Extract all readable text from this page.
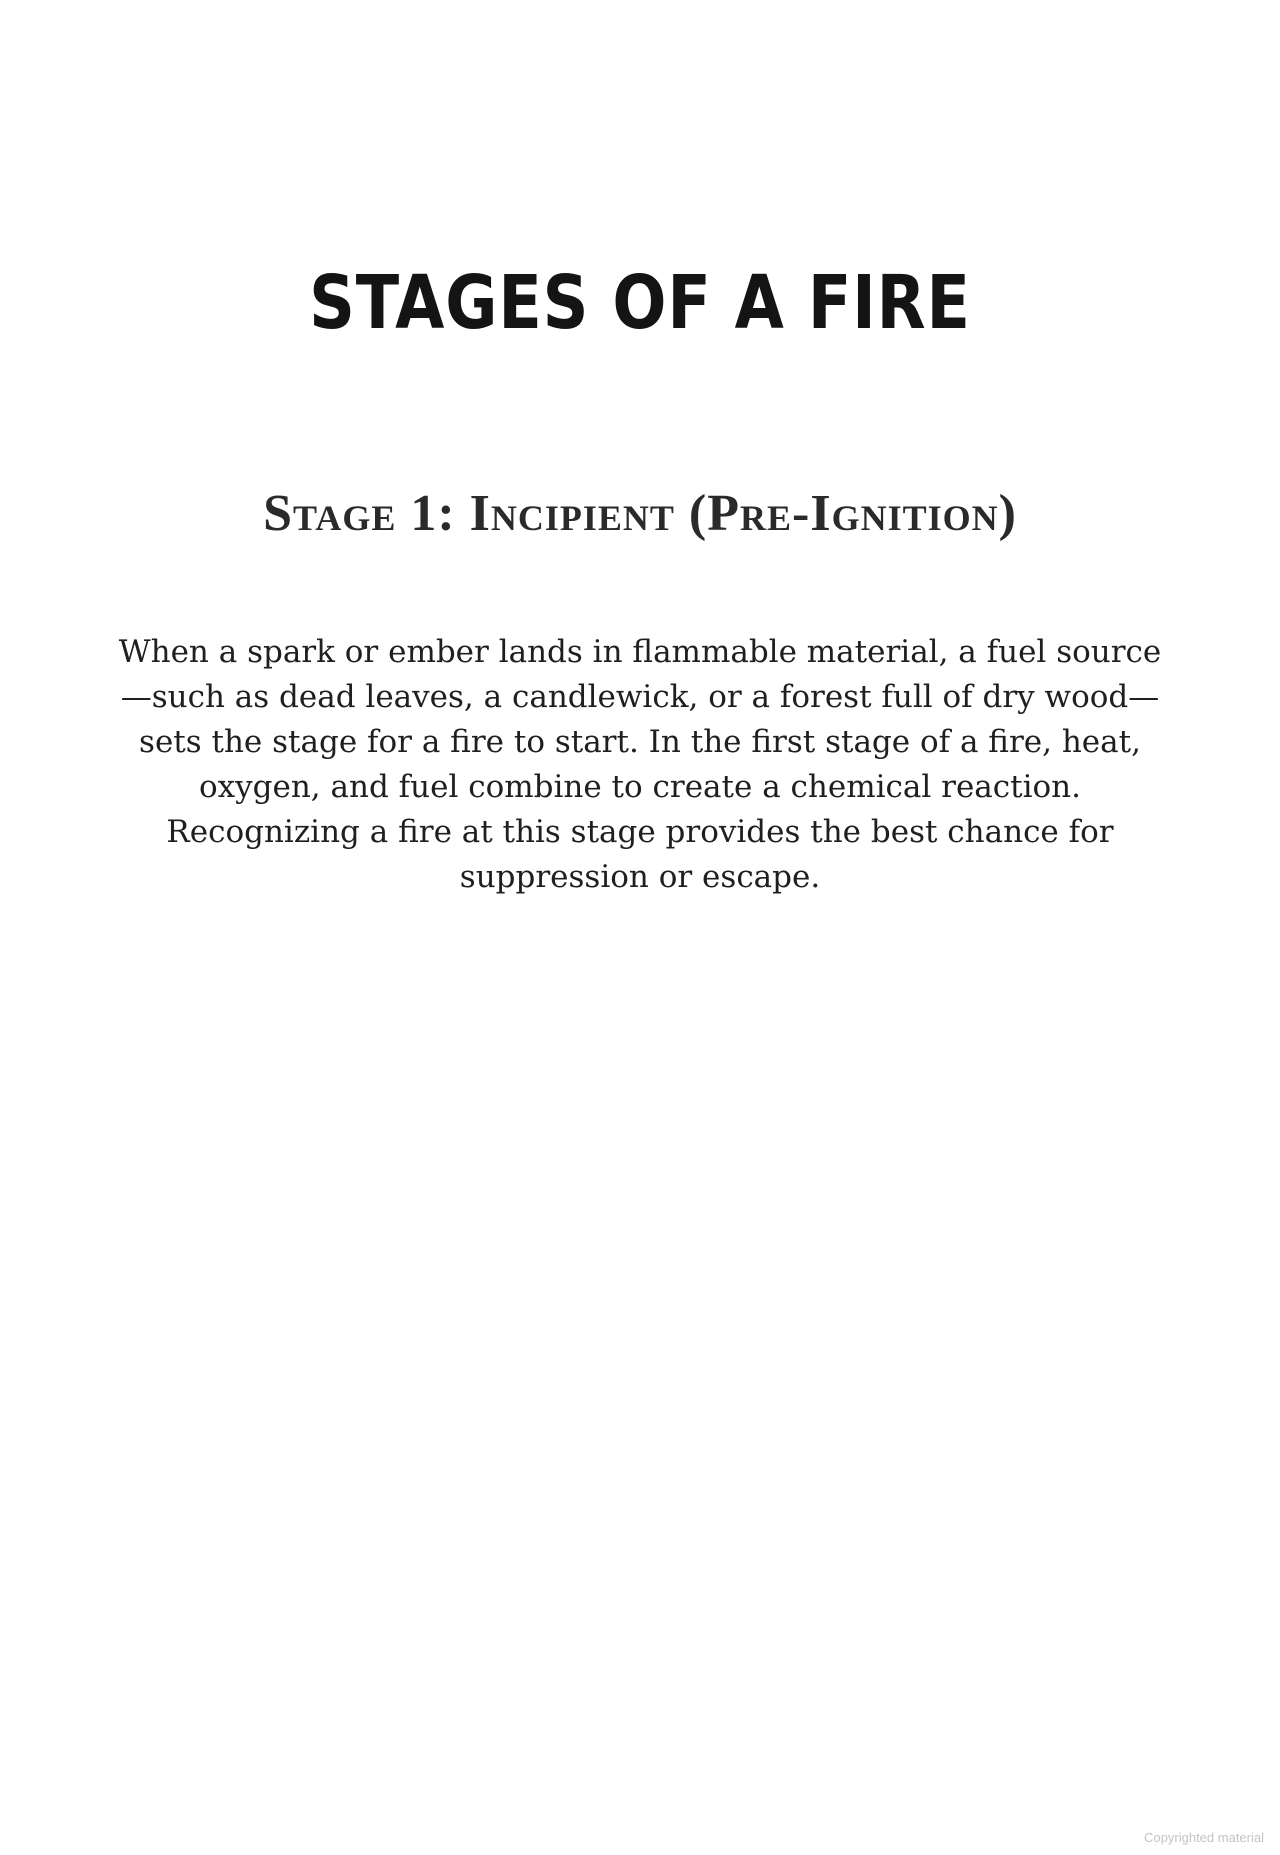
STAGES OF A FIRE
Stage 1: Incipient (Pre-Ignition)

When a spark or ember lands in flammable material, a fuel source—such as dead leaves, a candlewick, or a forest full of dry wood—sets the stage for a fire to start. In the first stage of a fire, heat, oxygen, and fuel combine to create a chemical reaction. Recognizing a fire at this stage provides the best chance for suppression or escape.

Copyrighted material
